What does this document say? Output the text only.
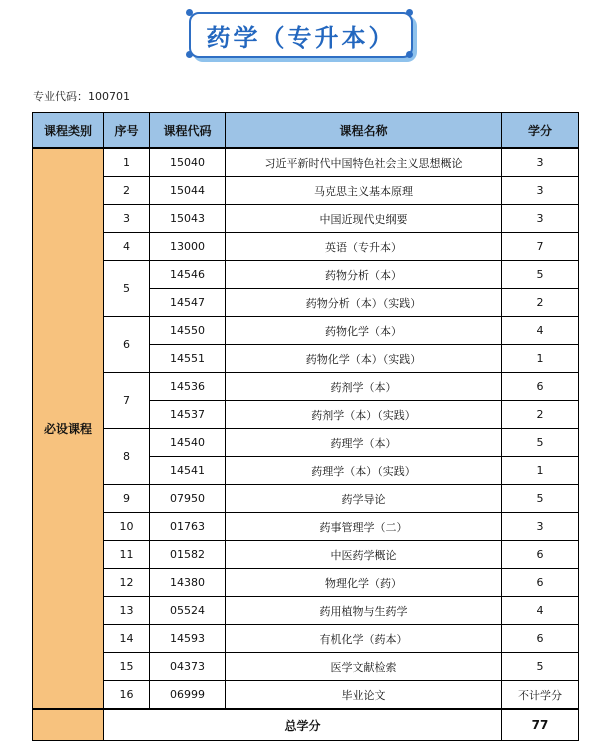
药学（专升本）
专业代码：100701
课程类别	序号	课程代码	课程名称	学分
必设课程	1	15040	习近平新时代中国特色社会主义思想概论	3
	2	15044	马克思主义基本原理	3
	3	15043	中国近现代史纲要	3
	4	13000	英语（专升本）	7
	5	14546	药物分析（本）	5
		14547	药物分析（本）（实践）	2
	6	14550	药物化学（本）	4
		14551	药物化学（本）（实践）	1
	7	14536	药剂学（本）	6
		14537	药剂学（本）（实践）	2
	8	14540	药理学（本）	5
		14541	药理学（本）（实践）	1
	9	07950	药学导论	5
	10	01763	药事管理学（二）	3
	11	01582	中医药学概论	6
	12	14380	物理化学（药）	6
	13	05524	药用植物与生药学	4
	14	14593	有机化学（药本）	6
	15	04373	医学文献检索	5
	16	06999	毕业论文	不计学分
	总学分			77
